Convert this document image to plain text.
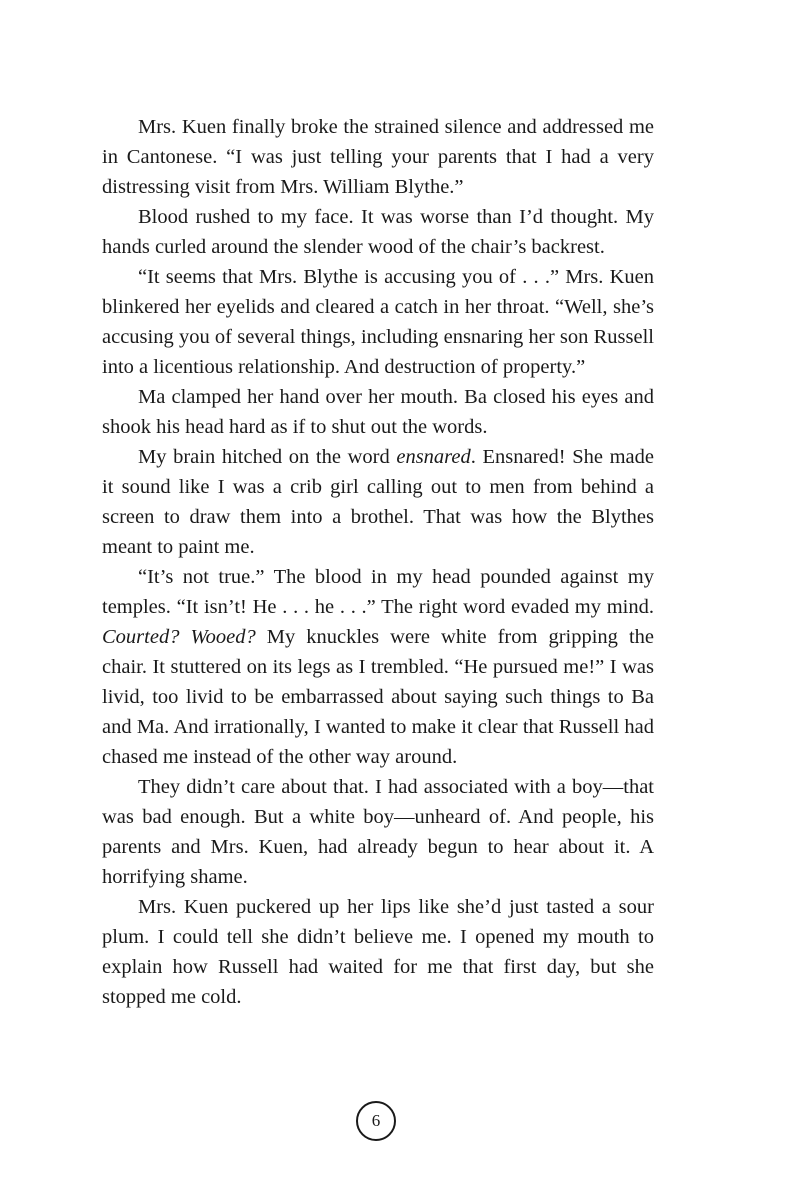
Mrs. Kuen finally broke the strained silence and addressed me in Cantonese. “I was just telling your parents that I had a very distressing visit from Mrs. William Blythe.”

Blood rushed to my face. It was worse than I’d thought. My hands curled around the slender wood of the chair’s backrest.

“It seems that Mrs. Blythe is accusing you of . . .” Mrs. Kuen blinkered her eyelids and cleared a catch in her throat. “Well, she’s accusing you of several things, including ensnaring her son Russell into a licentious relationship. And destruction of property.”

Ma clamped her hand over her mouth. Ba closed his eyes and shook his head hard as if to shut out the words.

My brain hitched on the word ensnared. Ensnared! She made it sound like I was a crib girl calling out to men from behind a screen to draw them into a brothel. That was how the Blythes meant to paint me.

“It’s not true.” The blood in my head pounded against my temples. “It isn’t! He . . . he . . .” The right word evaded my mind. Courted? Wooed? My knuckles were white from gripping the chair. It stuttered on its legs as I trembled. “He pursued me!” I was livid, too livid to be embarrassed about saying such things to Ba and Ma. And irrationally, I wanted to make it clear that Russell had chased me instead of the other way around.

They didn’t care about that. I had associated with a boy—that was bad enough. But a white boy—unheard of. And people, his parents and Mrs. Kuen, had already begun to hear about it. A horrifying shame.

Mrs. Kuen puckered up her lips like she’d just tasted a sour plum. I could tell she didn’t believe me. I opened my mouth to explain how Russell had waited for me that first day, but she stopped me cold.

6
